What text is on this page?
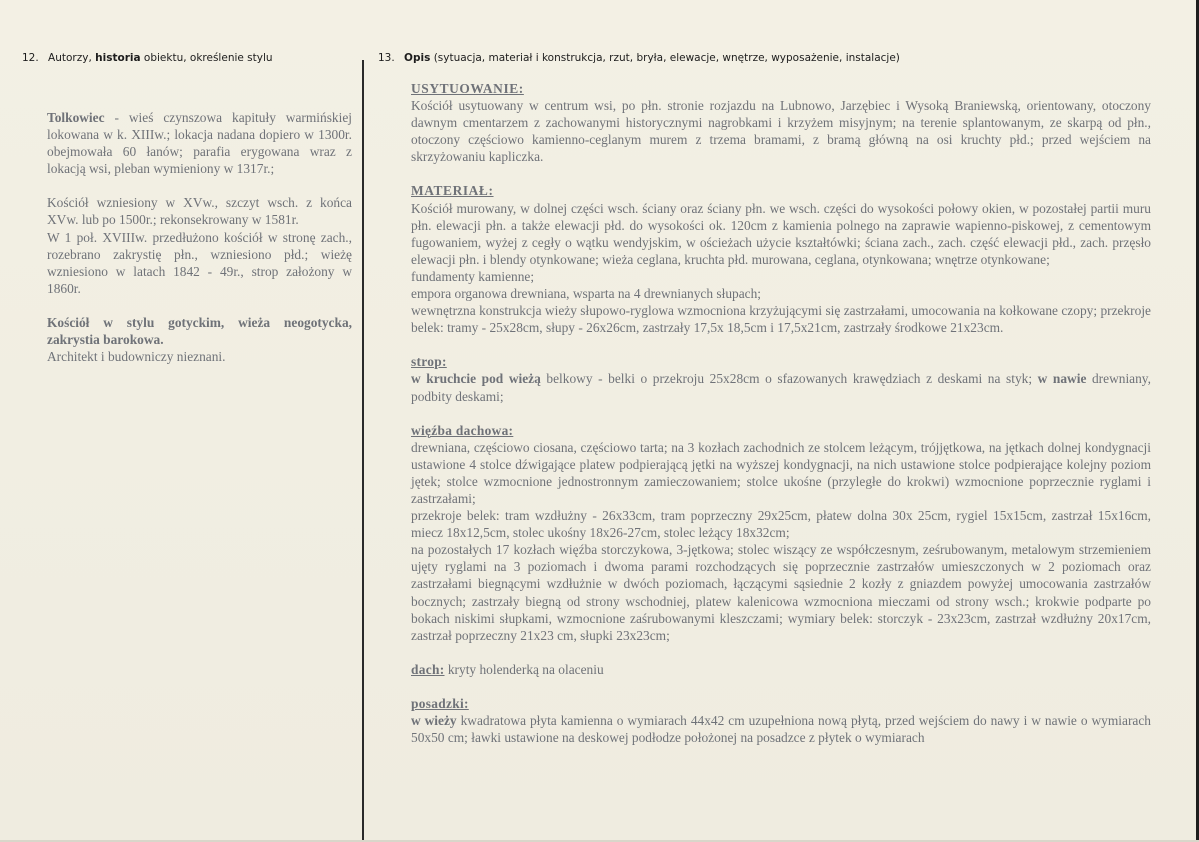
12. Autorzy, historia obiektu, określenie stylu	13. Opis (sytuacja, materiał i konstrukcja, rzut, bryła, elewacje, wnętrze, wyposażenie, instalacje)

Tolkowiec - wieś czynszowa kapituły warmińskiej lokowana w k. XIIIw.; lokacja nadana dopiero w 1300r. obejmowała 60 łanów; parafia erygowana wraz z lokacją wsi, pleban wymieniony w 1317r.;

Kościół wzniesiony w XVw., szczyt wsch. z końca XVw. lub po 1500r.; rekonsekrowany w 1581r.

W 1 poł. XVIIIw. przedłużono kościół w stronę zach., rozebrano zakrystię płn., wzniesiono płd.; wieżę wzniesiono w latach 1842 - 49r., strop założony w 1860r.

Kościół w stylu gotyckim, wieża neogotycka, zakrystia barokowa.

Architekt i budowniczy nieznani.

USYTUOWANIE:
Kościół usytuowany w centrum wsi, po płn. stronie rozjazdu na Lubnowo, Jarzębiec i Wysoką Braniewską, orientowany, otoczony dawnym cmentarzem z zachowanymi historycznymi nagrobkami i krzyżem misyjnym; na terenie splantowanym, ze skarpą od płn., otoczony częściowo kamienno-ceglanym murem z trzema bramami, z bramą główną na osi kruchty płd.; przed wejściem na skrzyżowaniu kapliczka.
MATERIAŁ:
Kościół murowany, w dolnej części wsch. ściany oraz ściany płn. we wsch. części do wysokości połowy okien, w pozostałej partii muru płn. elewacji płn. a także elewacji płd. do wysokości ok. 120cm z kamienia polnego na zaprawie wapienno-piskowej, z cementowym fugowaniem, wyżej z cegły o wątku wendyjskim, w ościeżach użycie kształtówki; ściana zach., zach. część elewacji płd., zach. przęsło elewacji płn. i blendy otynkowane; wieża ceglana, kruchta płd. murowana, ceglana, otynkowana; wnętrze otynkowane;
fundamenty kamienne;
empora organowa drewniana, wsparta na 4 drewnianych słupach;
wewnętrzna konstrukcja wieży słupowo-ryglowa wzmocniona krzyżującymi się zastrzałami, umocowania na kołkowane czopy; przekroje belek: tramy - 25x28cm, słupy - 26x26cm, zastrzały 17,5x 18,5cm i 17,5x21cm, zastrzały środkowe 21x23cm.
strop:
w kruchcie pod wieżą belkowy - belki o przekroju 25x28cm o sfazowanych krawędziach z deskami na styk; w nawie drewniany, podbity deskami;
więźba dachowa:
drewniana, częściowo ciosana, częściowo tarta; na 3 kozłach zachodnich ze stolcem leżącym, trójjętkowa, na jętkach dolnej kondygnacji ustawione 4 stolce dźwigające platew podpierającą jętki na wyższej kondygnacji, na nich ustawione stolce podpierające kolejny poziom jętek; stolce wzmocnione jednostronnym zamieczowaniem; stolce ukośne (przyległe do krokwi) wzmocnione poprzecznie ryglami i zastrzałami;
przekroje belek: tram wzdłużny - 26x33cm, tram poprzeczny 29x25cm, płatew dolna 30x 25cm, rygiel 15x15cm, zastrzał 15x16cm, miecz 18x12,5cm, stolec ukośny 18x26-27cm, stolec leżący 18x32cm;
na pozostałych 17 kozłach więźba storczykowa, 3-jętkowa; stolec wiszący ze współczesnym, ześrubowanym, metalowym strzemieniem ujęty ryglami na 3 poziomach i dwoma parami rozchodzących się poprzecznie zastrzałów umieszczonych w 2 poziomach oraz zastrzałami biegnącymi wzdłużnie w dwóch poziomach, łączącymi sąsiednie 2 kozły z gniazdem powyżej umocowania zastrzałów bocznych; zastrzały biegną od strony wschodniej, platew kalenicowa wzmocniona mieczami od strony wsch.; krokwie podparte po bokach niskimi słupkami, wzmocnione zaśrubowanymi kleszczami; wymiary belek: storczyk - 23x23cm, zastrzał wzdłużny 20x17cm, zastrzał poprzeczny 21x23 cm, słupki 23x23cm;
dach: kryty holenderką na olaceniu
posadzki:
w wieży kwadratowa płyta kamienna o wymiarach 44x42 cm uzupełniona nową płytą, przed wejściem do nawy i w nawie o wymiarach 50x50 cm; ławki ustawione na deskowej podłodze położonej na posadzce z płytek o wymiarach
